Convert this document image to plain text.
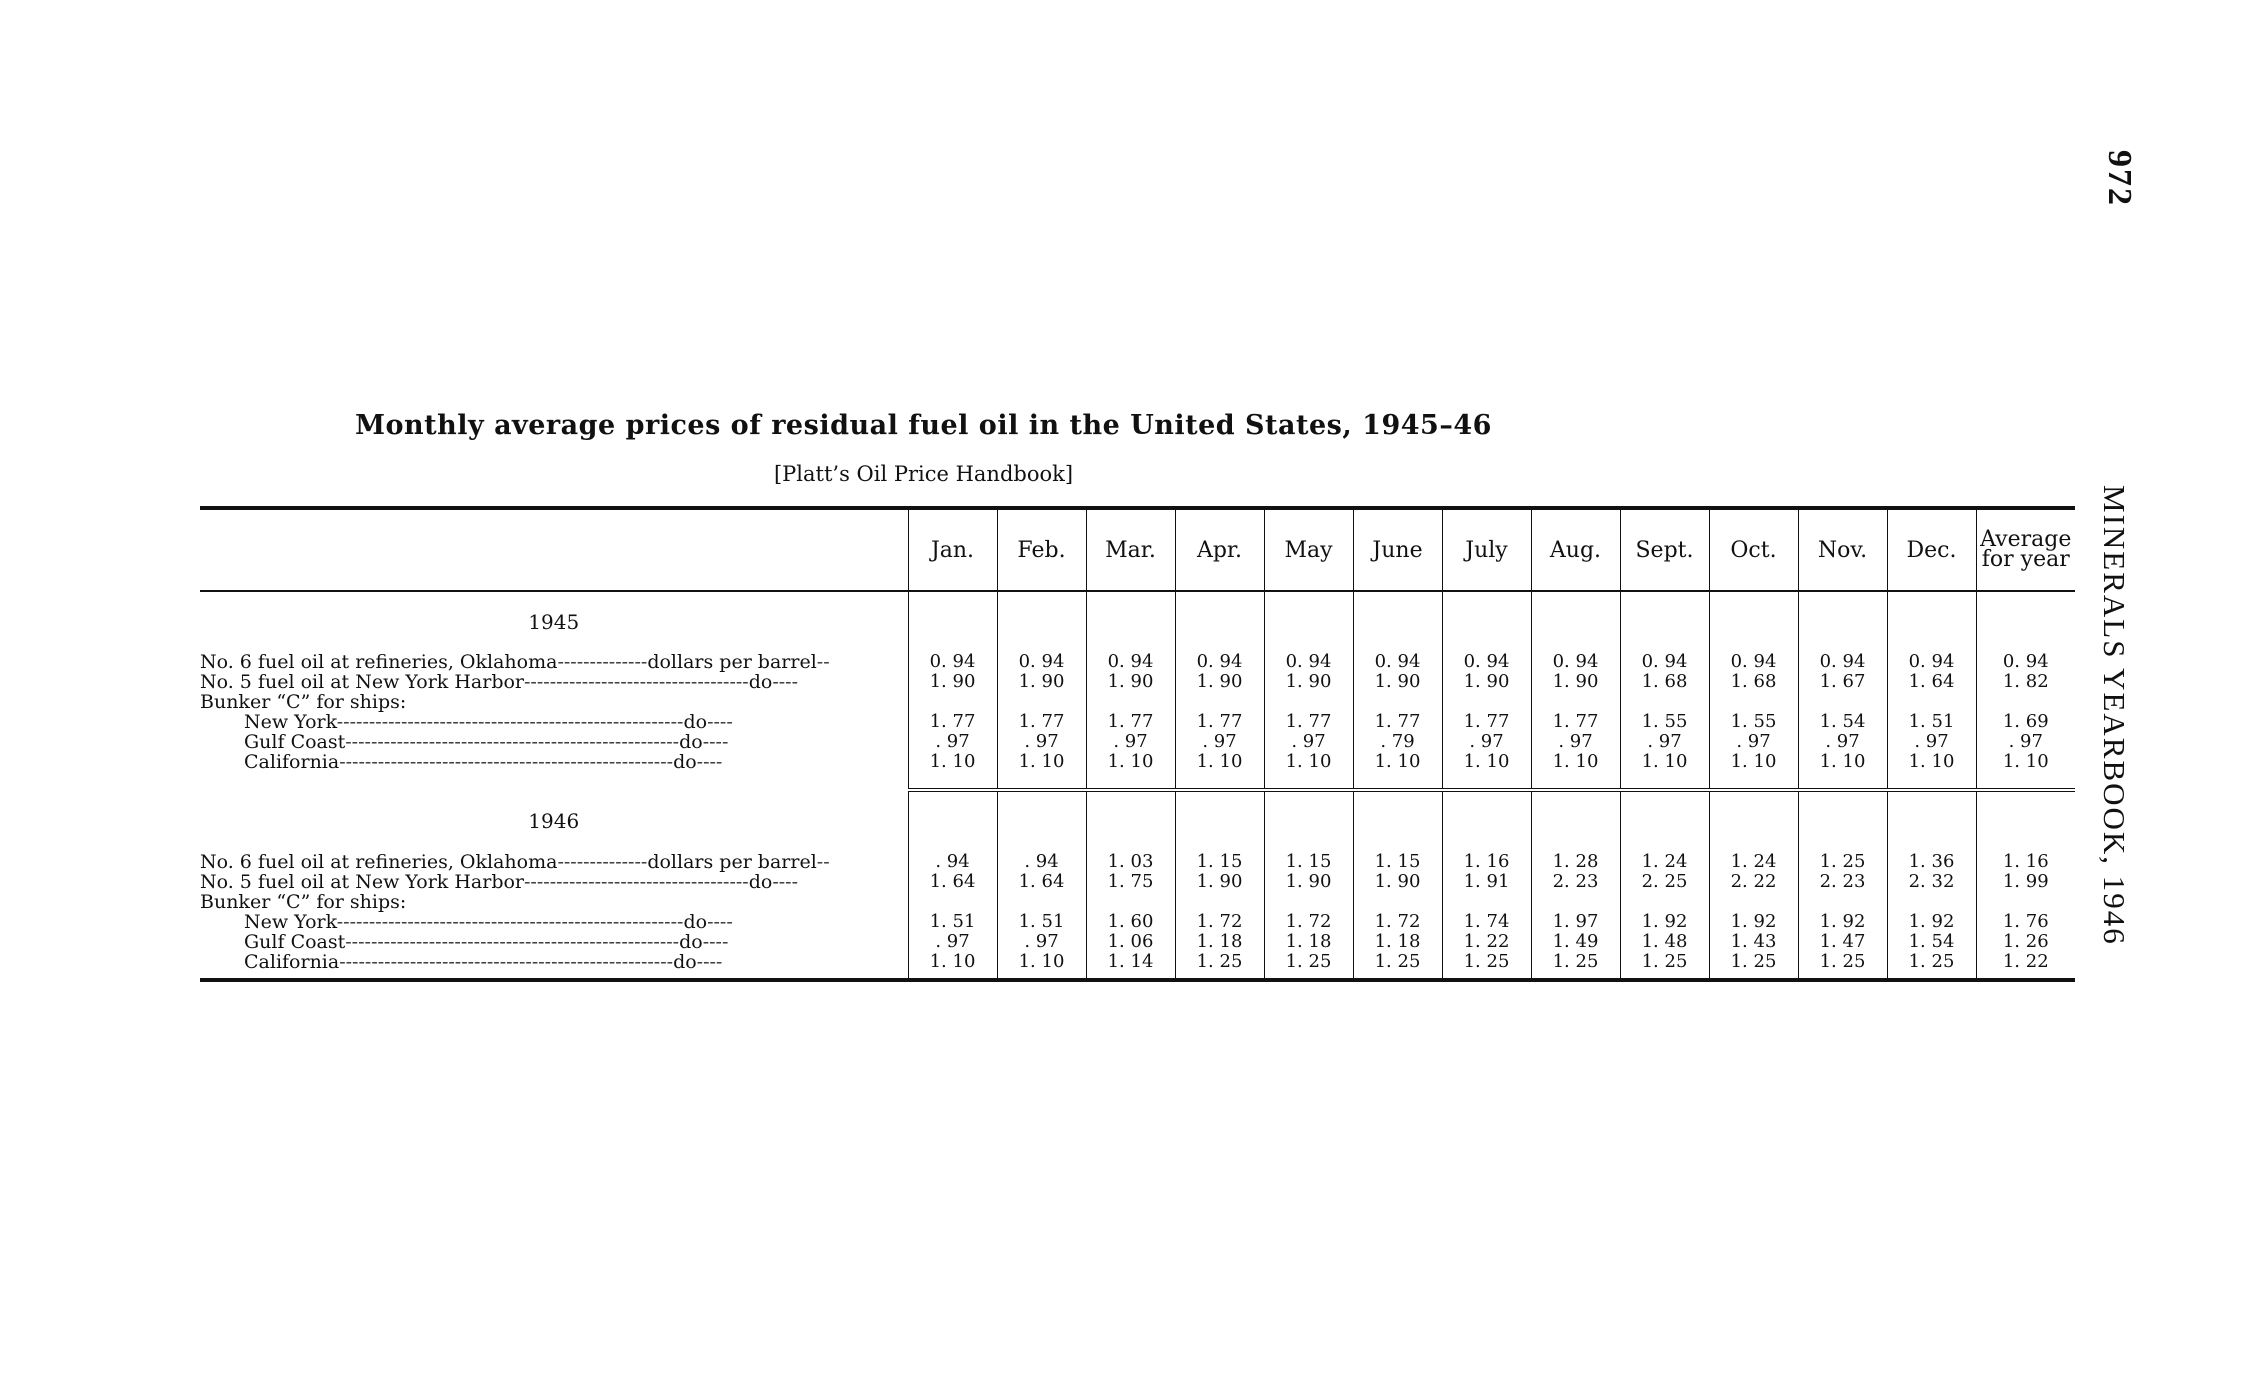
972
MINERALS YEARBOOK, 1946
Monthly average prices of residual fuel oil in the United States, 1945–46
[Platt’s Oil Price Handbook]
	Jan.	Feb.	Mar.	Apr.	May	June	July	Aug.	Sept.	Oct.	Nov.	Dec.	Average
for year
1945													
No. 6 fuel oil at refineries, Oklahoma--------------dollars per barrel--	0. 94	0. 94	0. 94	0. 94	0. 94	0. 94	0. 94	0. 94	0. 94	0. 94	0. 94	0. 94	0. 94
No. 5 fuel oil at New York Harbor-----------------------------------do----	1. 90	1. 90	1. 90	1. 90	1. 90	1. 90	1. 90	1. 90	1. 68	1. 68	1. 67	1. 64	1. 82
Bunker “C” for ships:													
New York------------------------------------------------------do----	1. 77	1. 77	1. 77	1. 77	1. 77	1. 77	1. 77	1. 77	1. 55	1. 55	1. 54	1. 51	1. 69
Gulf Coast----------------------------------------------------do----	. 97	. 97	. 97	. 97	. 97	. 79	. 97	. 97	. 97	. 97	. 97	. 97	. 97
California----------------------------------------------------do----	1. 10	1. 10	1. 10	1. 10	1. 10	1. 10	1. 10	1. 10	1. 10	1. 10	1. 10	1. 10	1. 10

1946													
No. 6 fuel oil at refineries, Oklahoma--------------dollars per barrel--	. 94	. 94	1. 03	1. 15	1. 15	1. 15	1. 16	1. 28	1. 24	1. 24	1. 25	1. 36	1. 16
No. 5 fuel oil at New York Harbor-----------------------------------do----	1. 64	1. 64	1. 75	1. 90	1. 90	1. 90	1. 91	2. 23	2. 25	2. 22	2. 23	2. 32	1. 99
Bunker “C” for ships:													
New York------------------------------------------------------do----	1. 51	1. 51	1. 60	1. 72	1. 72	1. 72	1. 74	1. 97	1. 92	1. 92	1. 92	1. 92	1. 76
Gulf Coast----------------------------------------------------do----	. 97	. 97	1. 06	1. 18	1. 18	1. 18	1. 22	1. 49	1. 48	1. 43	1. 47	1. 54	1. 26
California----------------------------------------------------do----	1. 10	1. 10	1. 14	1. 25	1. 25	1. 25	1. 25	1. 25	1. 25	1. 25	1. 25	1. 25	1. 22
